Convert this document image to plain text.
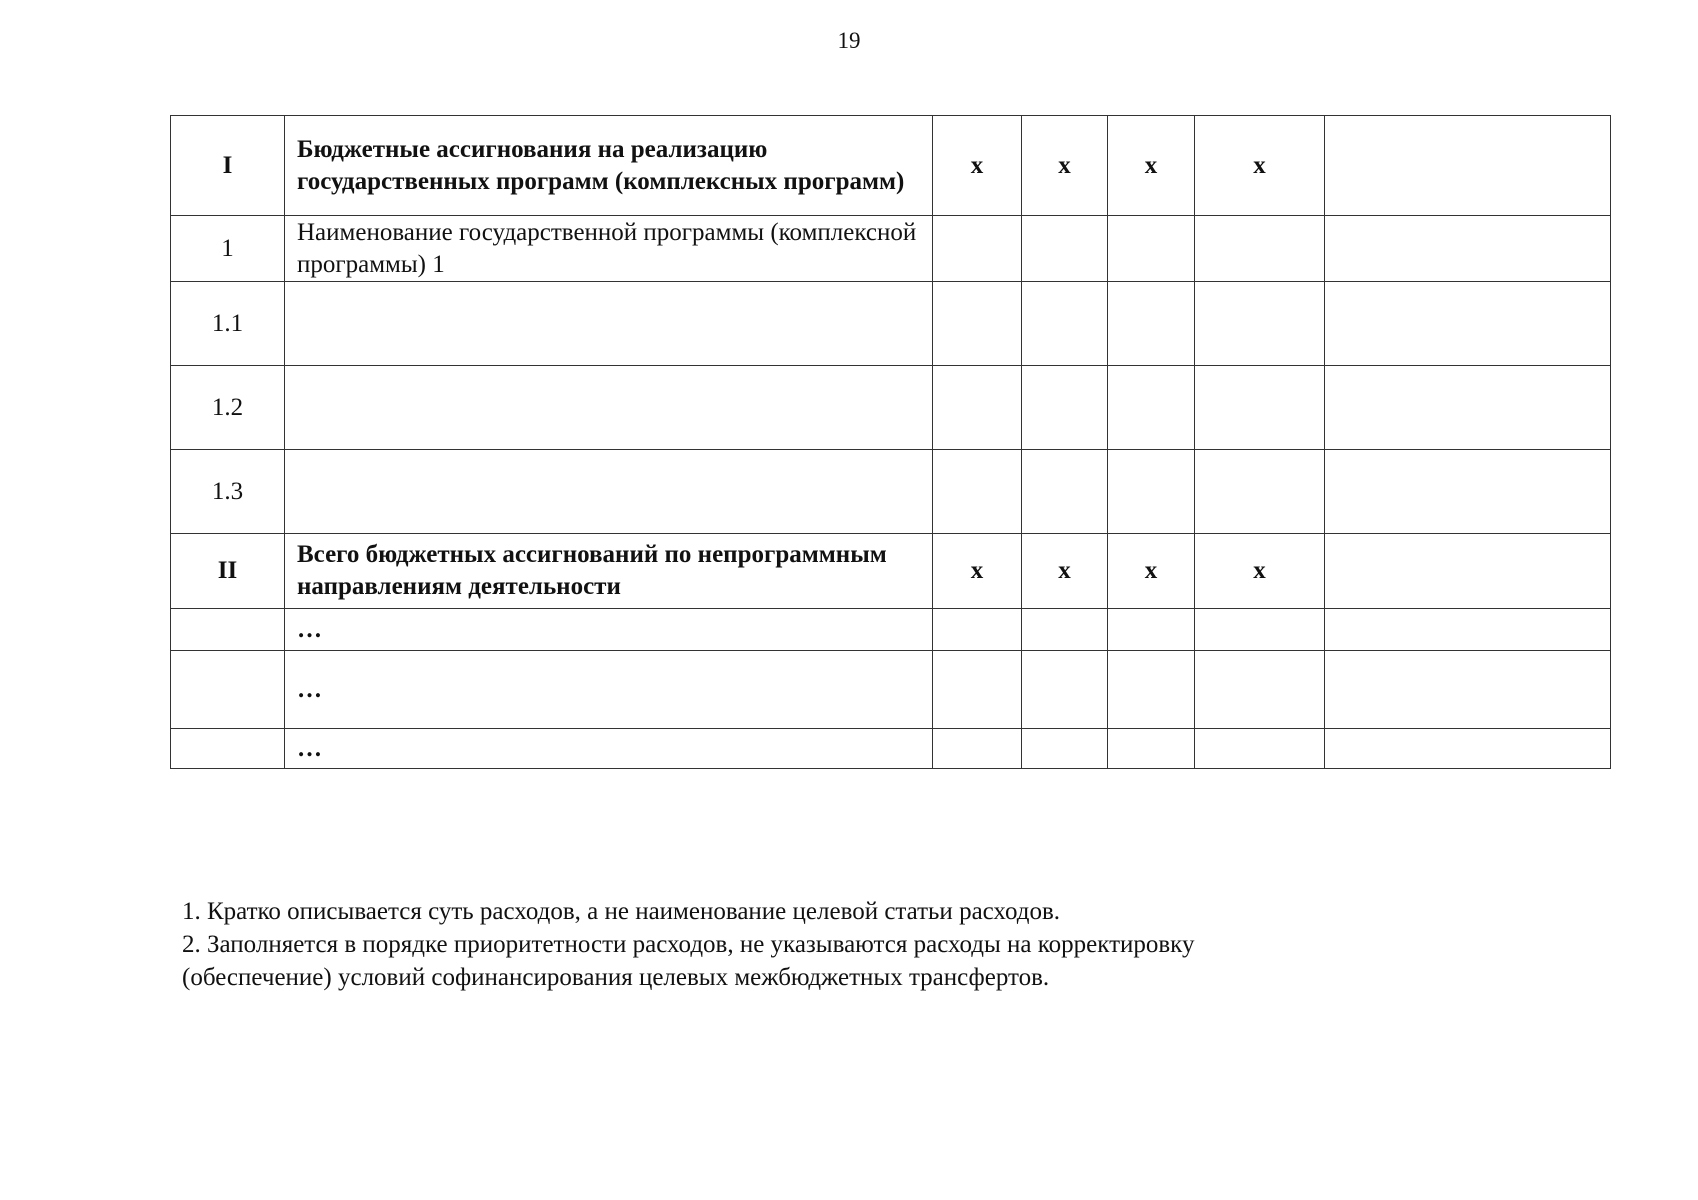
19
I	Бюджетные ассигнования на реализацию государственных программ (комплексных программ)	х	х	х	х	
1	Наименование государственной программы (комплексной программы) 1					
1.1						
1.2						
1.3						
II	Всего бюджетных ассигнований по непрограммным направлениям деятельности	х	х	х	х	
	…					
	…					
	…					

1. Кратко описывается суть расходов, а не наименование целевой статьи расходов.

2. Заполняется в порядке приоритетности расходов, не указываются расходы на корректировку (обеспечение) условий софинансирования целевых межбюджетных трансфертов.
